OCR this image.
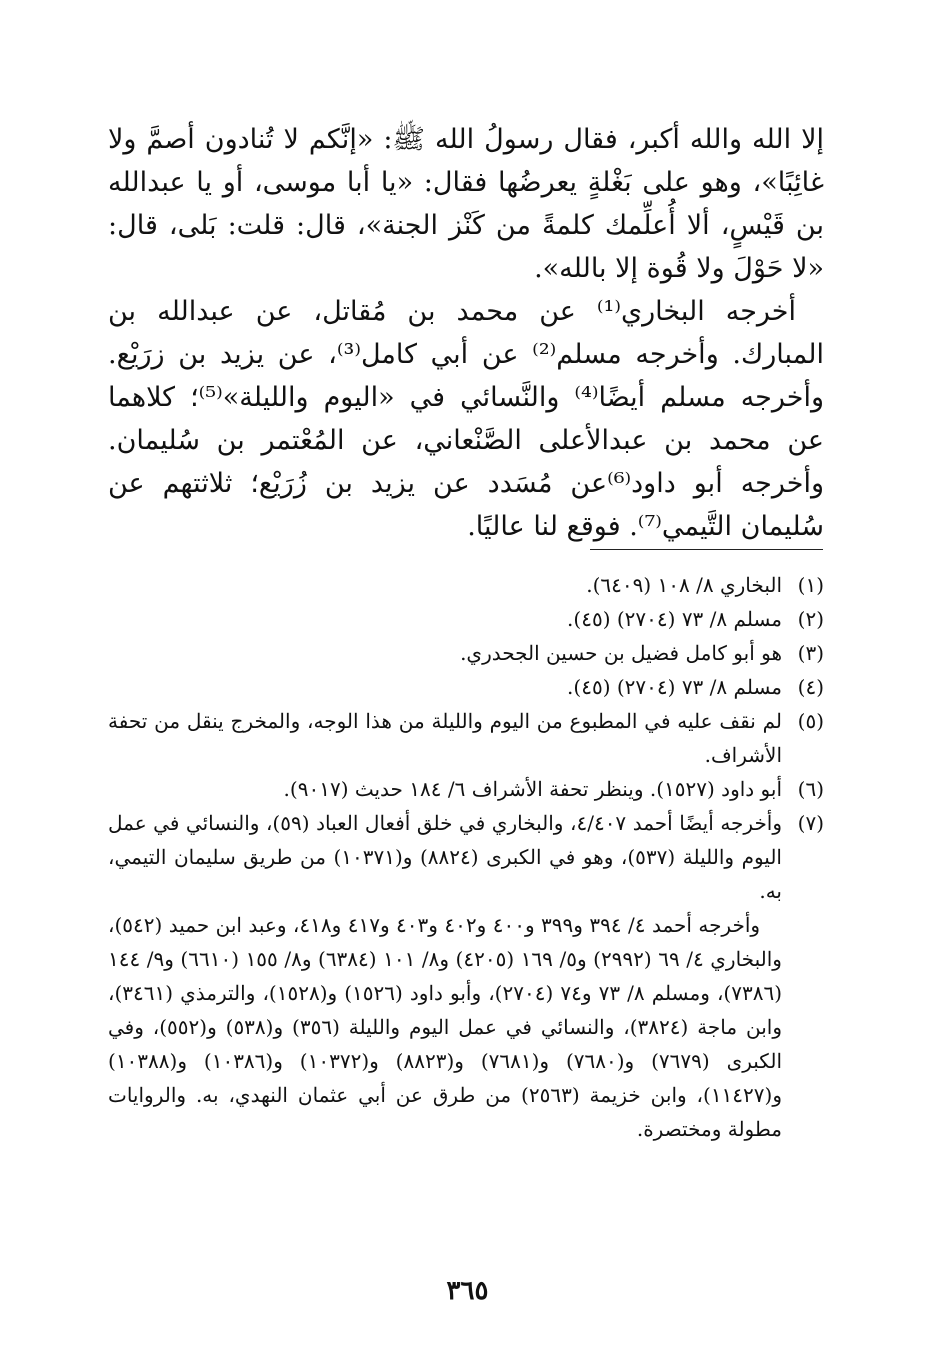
إلا الله والله أكبر، فقال رسولُ الله ﷺ: «إنَّكم لا تُنادون أصمَّ ولا غائِبًا»، وهو على بَغْلةٍ يعرضُها فقال: «يا أبا موسى، أو يا عبدالله بن قَيْسٍ، ألا أُعلِّمك كلمةً من كَنْز الجنة»، قال: قلت: بَلى، قال: «لا حَوْلَ ولا قُوة إلا بالله».

أخرجه البخاري⁽¹⁾ عن محمد بن مُقاتل، عن عبدالله بن المبارك. وأخرجه مسلم⁽²⁾ عن أبي كامل⁽³⁾، عن يزيد بن زرَيْع. وأخرجه مسلم أيضًا⁽⁴⁾ والنَّسائي في «اليوم والليلة»⁽⁵⁾؛ كلاهما عن محمد بن عبدالأعلى الصَّنْعاني، عن المُعْتمر بن سُليمان. وأخرجه أبو داود⁽⁶⁾عن مُسَدد عن يزيد بن زُرَيْع؛ ثلاثتهم عن سُليمان التَّيمي⁽⁷⁾. فوقع لنا عاليًا.

(١)

البخاري ٨/ ١٠٨ (٦٤٠٩).

(٢)

مسلم ٨/ ٧٣ (٢٧٠٤) (٤٥).

(٣)

هو أبو كامل فضيل بن حسين الجحدري.

(٤)

مسلم ٨/ ٧٣ (٢٧٠٤) (٤٥).

(٥)

لم نقف عليه في المطبوع من اليوم والليلة من هذا الوجه، والمخرج ينقل من تحفة الأشراف.

(٦)

أبو داود (١٥٢٧). وينظر تحفة الأشراف ٦/ ١٨٤ حديث (٩٠١٧).

(٧)

وأخرجه أيضًا أحمد ٤/٤٠٧، والبخاري في خلق أفعال العباد (٥٩)، والنسائي في عمل اليوم والليلة (٥٣٧)، وهو في الكبرى (٨٨٢٤) و(١٠٣٧١) من طريق سليمان التيمي، به.

وأخرجه أحمد ٤/ ٣٩٤ و٣٩٩ و٤٠٠ و٤٠٢ و٤٠٣ و٤١٧ و٤١٨، وعبد ابن حميد (٥٤٢)، والبخاري ٤/ ٦٩ (٢٩٩٢) و٥/ ١٦٩ (٤٢٠٥) و٨/ ١٠١ (٦٣٨٤) و٨/ ١٥٥ (٦٦١٠) و٩/ ١٤٤ (٧٣٨٦)، ومسلم ٨/ ٧٣ و٧٤ (٢٧٠٤)، وأبو داود (١٥٢٦) و(١٥٢٨)، والترمذي (٣٤٦١)، وابن ماجة (٣٨٢٤)، والنسائي في عمل اليوم والليلة (٣٥٦) و(٥٣٨) و(٥٥٢)، وفي الكبرى (٧٦٧٩) و(٧٦٨٠) و(٧٦٨١) و(٨٨٢٣) و(١٠٣٧٢) و(١٠٣٨٦) و(١٠٣٨٨) و(١١٤٢٧)، وابن خزيمة (٢٥٦٣) من طرق عن أبي عثمان النهدي، به. والروايات مطولة ومختصرة.

٣٦٥
